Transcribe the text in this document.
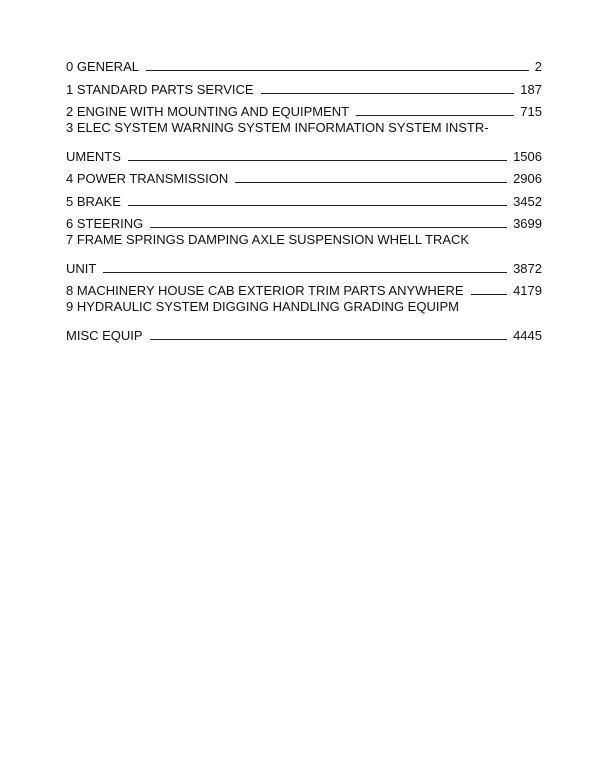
0 GENERAL	2
1 STANDARD PARTS SERVICE	187
2 ENGINE WITH MOUNTING AND EQUIPMENT	715
3 ELEC SYSTEM WARNING SYSTEM INFORMATION SYSTEM INSTR-
UMENTS	1506
4 POWER TRANSMISSION	2906
5 BRAKE	3452
6 STEERING	3699
7 FRAME SPRINGS DAMPING AXLE SUSPENSION WHELL TRACK
UNIT	3872
8 MACHINERY HOUSE CAB EXTERIOR TRIM PARTS ANYWHERE	4179
9 HYDRAULIC SYSTEM DIGGING HANDLING GRADING EQUIPM
MISC EQUIP	4445
